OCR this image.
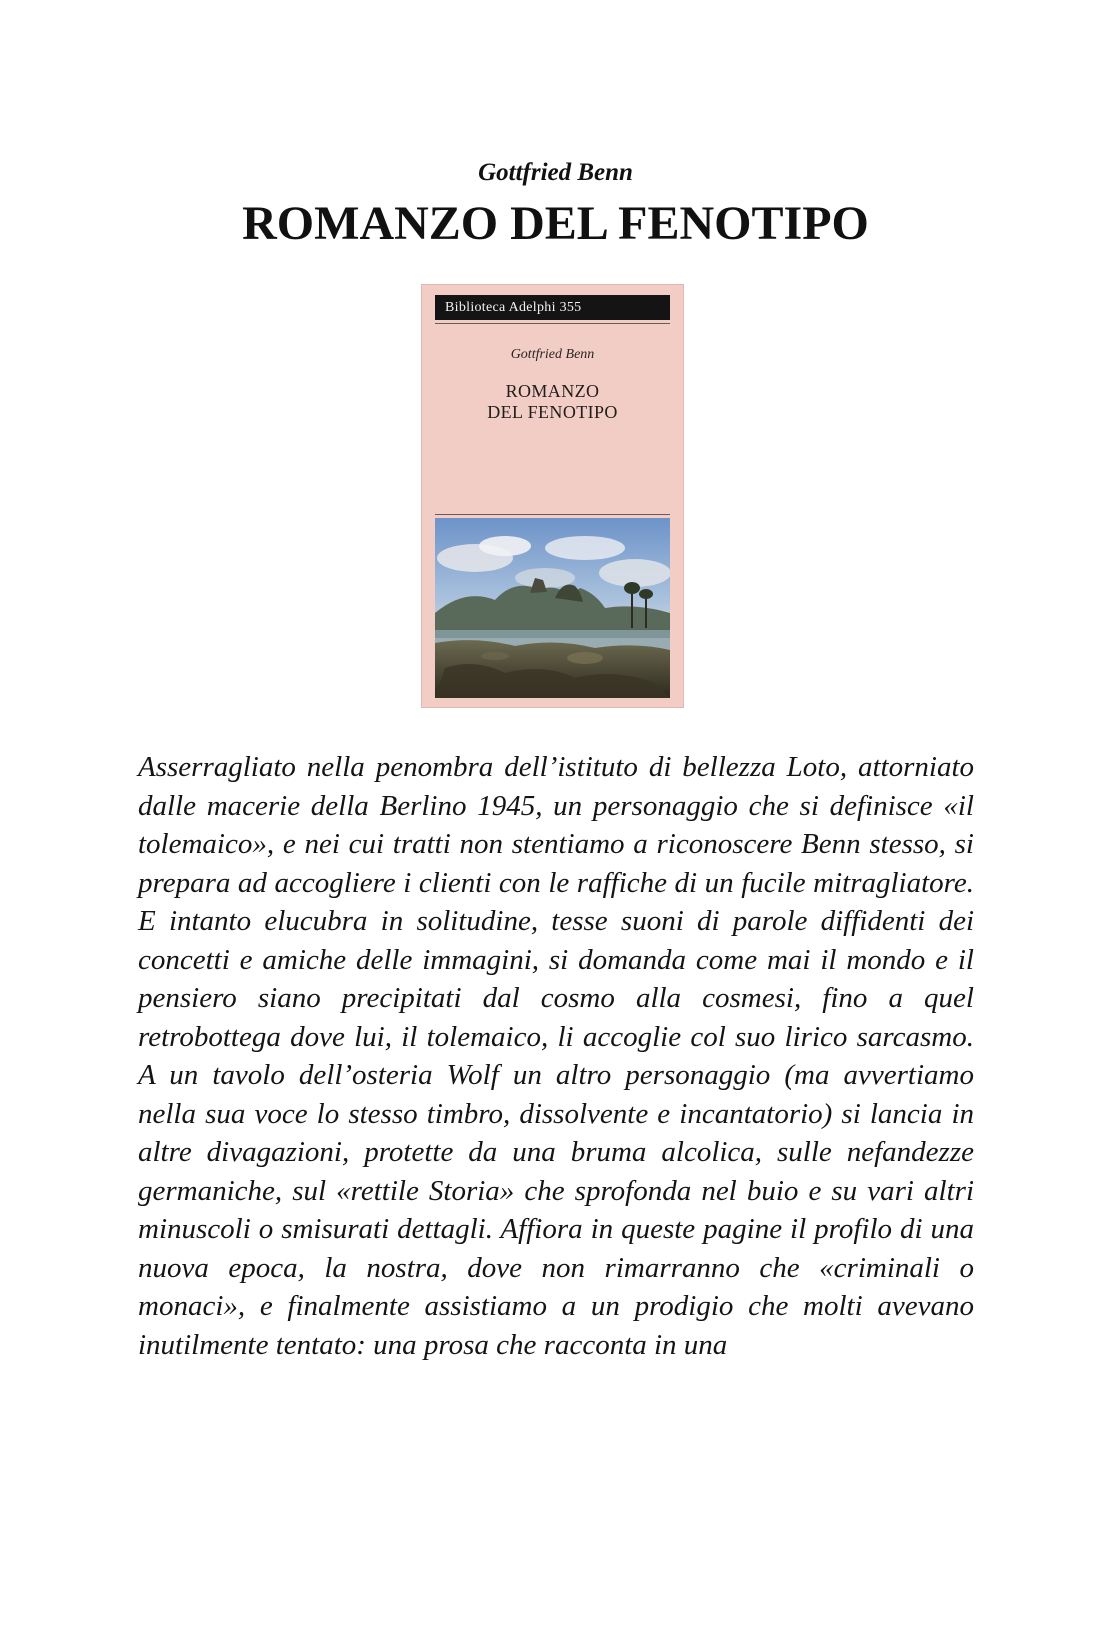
Gottfried Benn
ROMANZO DEL FENOTIPO
Biblioteca Adelphi 355
Gottfried Benn
ROMANZO
DEL FENOTIPO
Asserragliato nella penombra dell’istituto di bellezza Loto, attorniato dalle macerie della Berlino 1945, un personaggio che si definisce «il tolemaico», e nei cui tratti non stentiamo a riconoscere Benn stesso, si prepara ad accogliere i clienti con le raffiche di un fucile mitragliatore. E intanto elucubra in solitudine, tesse suoni di parole diffidenti dei concetti e amiche delle immagini, si domanda come mai il mondo e il pensiero siano precipitati dal cosmo alla cosmesi, fino a quel retrobottega dove lui, il tolemaico, li accoglie col suo lirico sarcasmo. A un tavolo dell’osteria Wolf un altro personaggio (ma avvertiamo nella sua voce lo stesso timbro, dissolvente e incantatorio) si lancia in altre divagazioni, protette da una bruma alcolica, sulle nefandezze germaniche, sul «rettile Storia» che sprofonda nel buio e su vari altri minuscoli o smisurati dettagli. Affiora in queste pagine il profilo di una nuova epoca, la nostra, dove non rimarranno che «criminali o monaci», e finalmente assistiamo a un prodigio che molti avevano inutilmente tentato: una prosa che racconta in una
